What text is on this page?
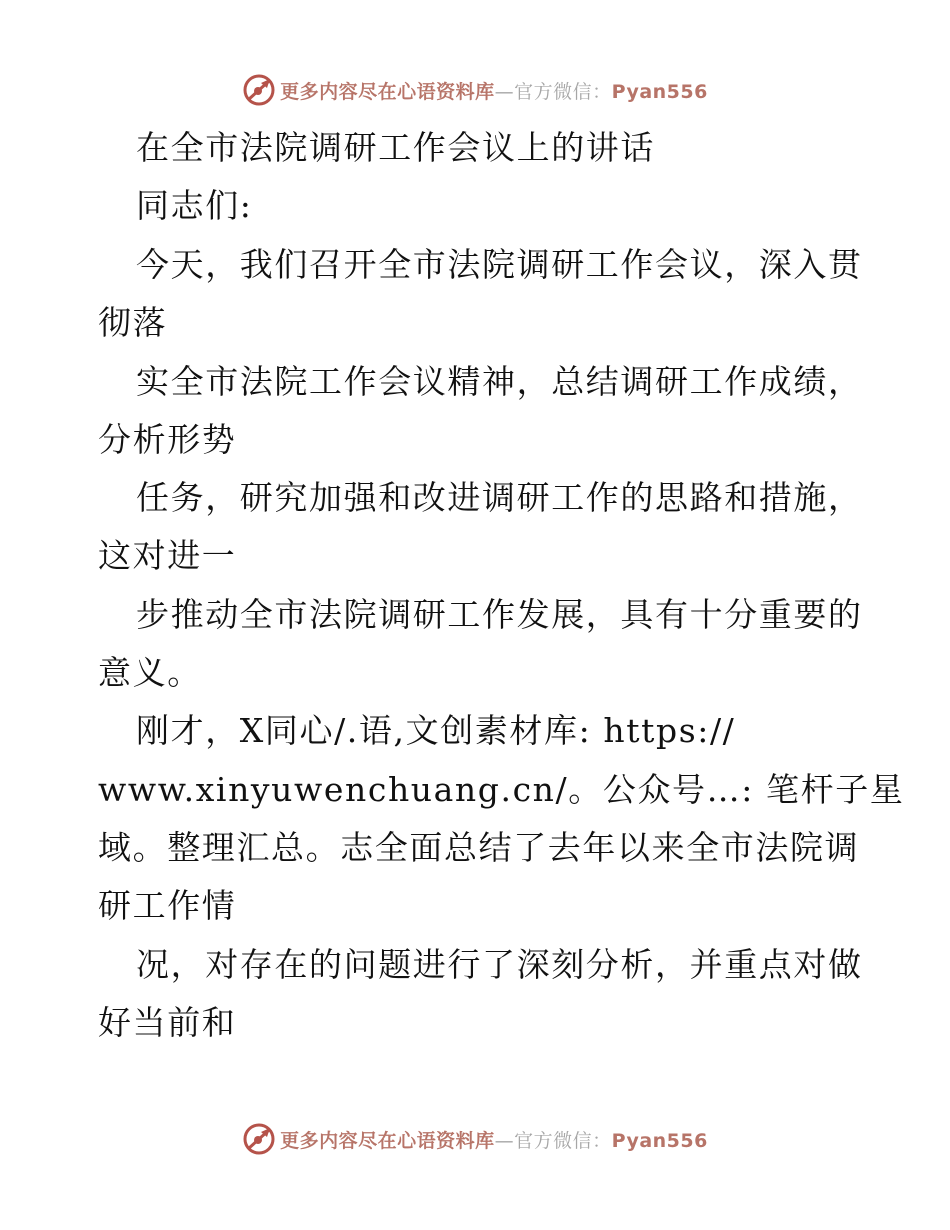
更多内容尽在心语资料库—官方微信：Pyan556
在全市法院调研工作会议上的讲话
同志们:
今天，我们召开全市法院调研工作会议，深入贯
彻落
实全市法院工作会议精神，总结调研工作成绩，
分析形势
任务，研究加强和改进调研工作的思路和措施，
这对进一
步推动全市法院调研工作发展，具有十分重要的
意义。
刚才，X同心/.语,文创素材库: https://
www.xinyuwenchuang.cn/。公众号…: 笔杆子星
域。整理汇总。志全面总结了去年以来全市法院调
研工作情
况，对存在的问题进行了深刻分析，并重点对做
好当前和
更多内容尽在心语资料库—官方微信：Pyan556
